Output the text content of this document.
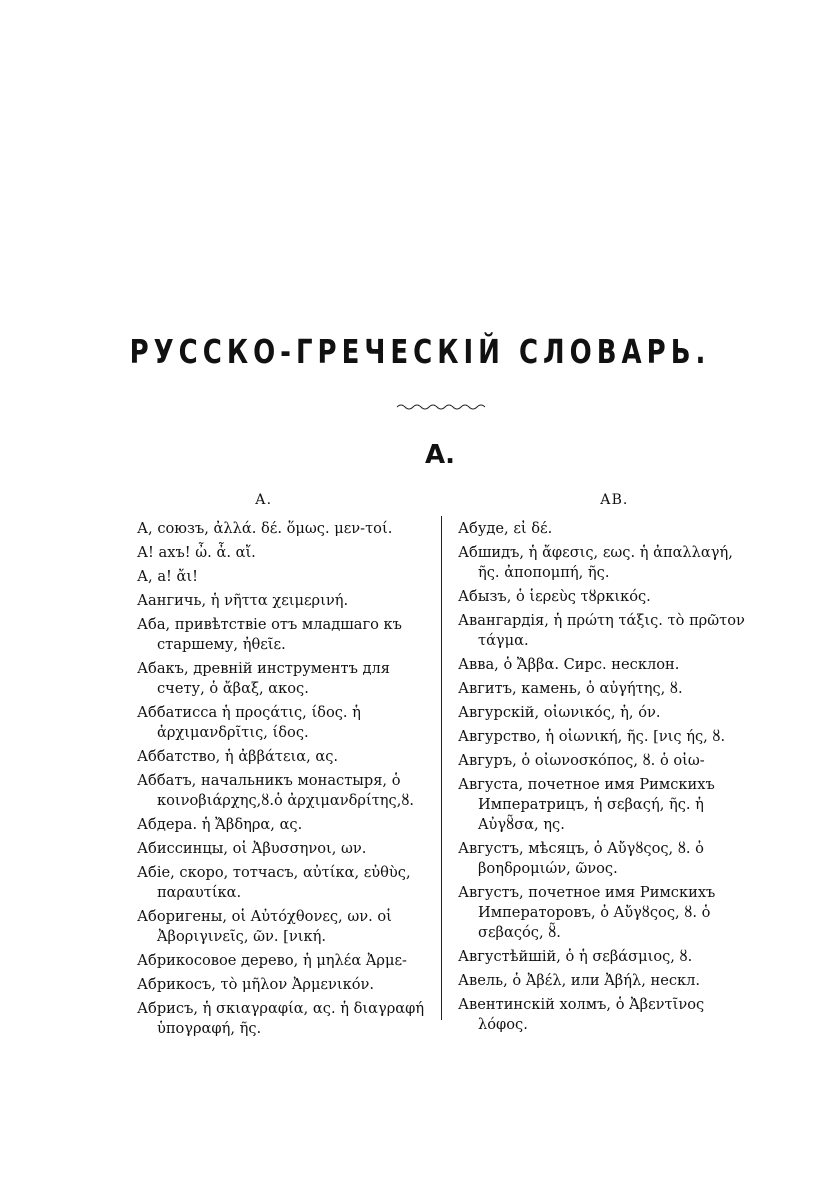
РУССКО-ГРЕЧЕСКІЙ СЛОВАРЬ.
А.
А.	АВ.
А, союзъ, ἀλλά. δέ. ὅμως. μεν-τοί.
А! ахъ! ὦ. ἆ. αἴ.
А, а! ἄι!
Аангичь, ἡ νῆττα χειμερινή.
Аба, привѣтствіе отъ младшаго къ старшему, ἠθεῖε.
Абакъ, древній инструментъ для счету, ὁ ἄβαξ, ακος.
Аббатисса ἡ προςάτις, ίδος. ἡ ἀρχιμανδρῖτις, ίδος.
Аббатство, ἡ ἀββάτεια, ας.
Аббатъ, начальникъ монастыря, ὁ κοινοβιάρχης,ȣ.ὁ ἀρχιμανδρίτης,ȣ.
Абдера. ἡ Ἄβδηρα, ας.
Абиссинцы, οἱ Ἀβυσσηνοι, ων.
Абіе, скоро, тотчасъ, αὐτίκα, εὐθὺς, παραυτίκα.
Аборигены, οἱ Αὐτόχθονες, ων. οἱ Ἀβοριγινεῖς, ῶν. [νική.
Абрикосовое дерево, ἡ μηλέα Ἀρμε-
Абрикосъ, τὸ μῆλον Ἀρμενικόν.
Абрисъ, ἡ σκιαγραφία, ας. ἡ διαγραφή ὑπογραφή, ῆς.
Абуде, εἰ δέ.
Абшидъ, ἡ ἄφεσις, εως. ἡ ἀπαλλαγή, ῆς. ἀποπομπή, ῆς.
Абызъ, ὁ ἱερεὺς τȣρκικός.
Авангардія, ἡ πρώτη τάξις. τὸ πρῶτον τάγμα.
Авва, ὁ Ἄββα. Сирс. несклон.
Авгитъ, камень, ὁ αὐγήτης, ȣ.
Авгурскій, οἰωνικός, ἡ, όν.
Авгурство, ἡ οἰωνική, ῆς. [νις ής, ȣ.
Авгуръ, ὁ οἰωνοσκόπος, ȣ. ὁ οἰω-
Августа, почетное имя Римскихъ Императрицъ, ἡ σεβαςή, ῆς. ἡ Αὐγȣ̃σα, ης.
Августъ, мѣсяцъ, ὁ Αὔγȣςος, ȣ. ὁ βοηδρομιών, ῶνος.
Августъ, почетное имя Римскихъ Императоровъ, ὁ Αὔγȣςος, ȣ. ὁ σεβαςός, ȣ̃.
Августѣйшій, ὁ ἡ σεβάσμιος, ȣ.
Авель, ὁ Ἀβέλ, или Ἀβήλ, нескл.
Авентинскій холмъ, ὁ Ἀβεντῖνος λόφος.
